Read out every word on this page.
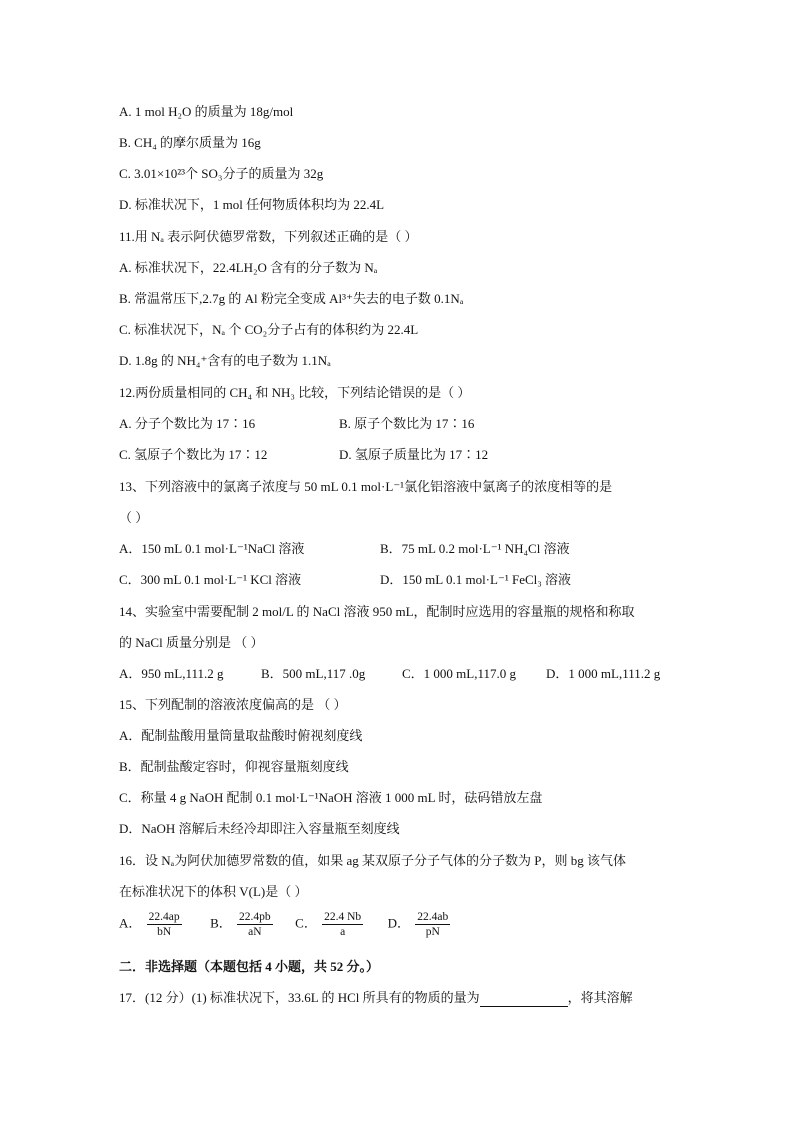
A. 1 mol H₂O 的质量为 18g/mol
B. CH₄ 的摩尔质量为 16g
C. 3.01×10²³个 SO₃分子的质量为 32g
D. 标准状况下，1 mol 任何物质体积均为 22.4L
11.用 Nₐ 表示阿伏德罗常数，下列叙述正确的是（ ）
A. 标准状况下，22.4LH₂O 含有的分子数为 Nₐ
B. 常温常压下,2.7g 的 Al 粉完全变成 Al³⁺失去的电子数 0.1Nₐ
C. 标准状况下，Nₐ 个 CO₂分子占有的体积约为 22.4L
D. 1.8g 的 NH₄⁺含有的电子数为 1.1Nₐ
12.两份质量相同的 CH₄ 和 NH₃ 比较，下列结论错误的是（ ）
A. 分子个数比为 17∶16	B. 原子个数比为 17∶16
C. 氢原子个数比为 17∶12	D. 氢原子质量比为 17∶12
13、下列溶液中的氯离子浓度与 50 mL 0.1 mol·L⁻¹氯化铝溶液中氯离子的浓度相等的是
（ ）
A．150 mL 0.1 mol·L⁻¹NaCl 溶液	B．75 mL 0.2 mol·L⁻¹ NH₄Cl 溶液
C．300 mL 0.1 mol·L⁻¹ KCl 溶液	D．150 mL 0.1 mol·L⁻¹ FeCl₃ 溶液
14、实验室中需要配制 2 mol/L 的 NaCl 溶液 950 mL，配制时应选用的容量瓶的规格和称取
的 NaCl 质量分别是 （ ）
A．950 mL,111.2 g	B．500 mL,117 .0g	C．1 000 mL,117.0 g D．1 000 mL,111.2 g
15、下列配制的溶液浓度偏高的是 （ ）
A．配制盐酸用量筒量取盐酸时俯视刻度线
B．配制盐酸定容时，仰视容量瓶刻度线
C．称量 4 g NaOH 配制 0.1 mol·L⁻¹NaOH 溶液 1 000 mL 时，砝码错放左盘
D．NaOH 溶解后未经冷却即注入容量瓶至刻度线
16．设 Nₐ为阿伏加德罗常数的值，如果 ag 某双原子分子气体的分子数为 P，则 bg 该气体
在标准状况下的体积 V(L)是（ ）
A． $\frac{22.4ap}{bN}$ B． $\frac{22.4pb}{aN}$ C． $\frac{22.4 Nb}{a}$ D． $\frac{22.4ab}{pN}$
二．非选择题（本题包括 4 小题，共 52 分。）
17．(12 分）(1) 标准状况下，33.6L 的 HCl 所具有的物质的量为	，将其溶解
